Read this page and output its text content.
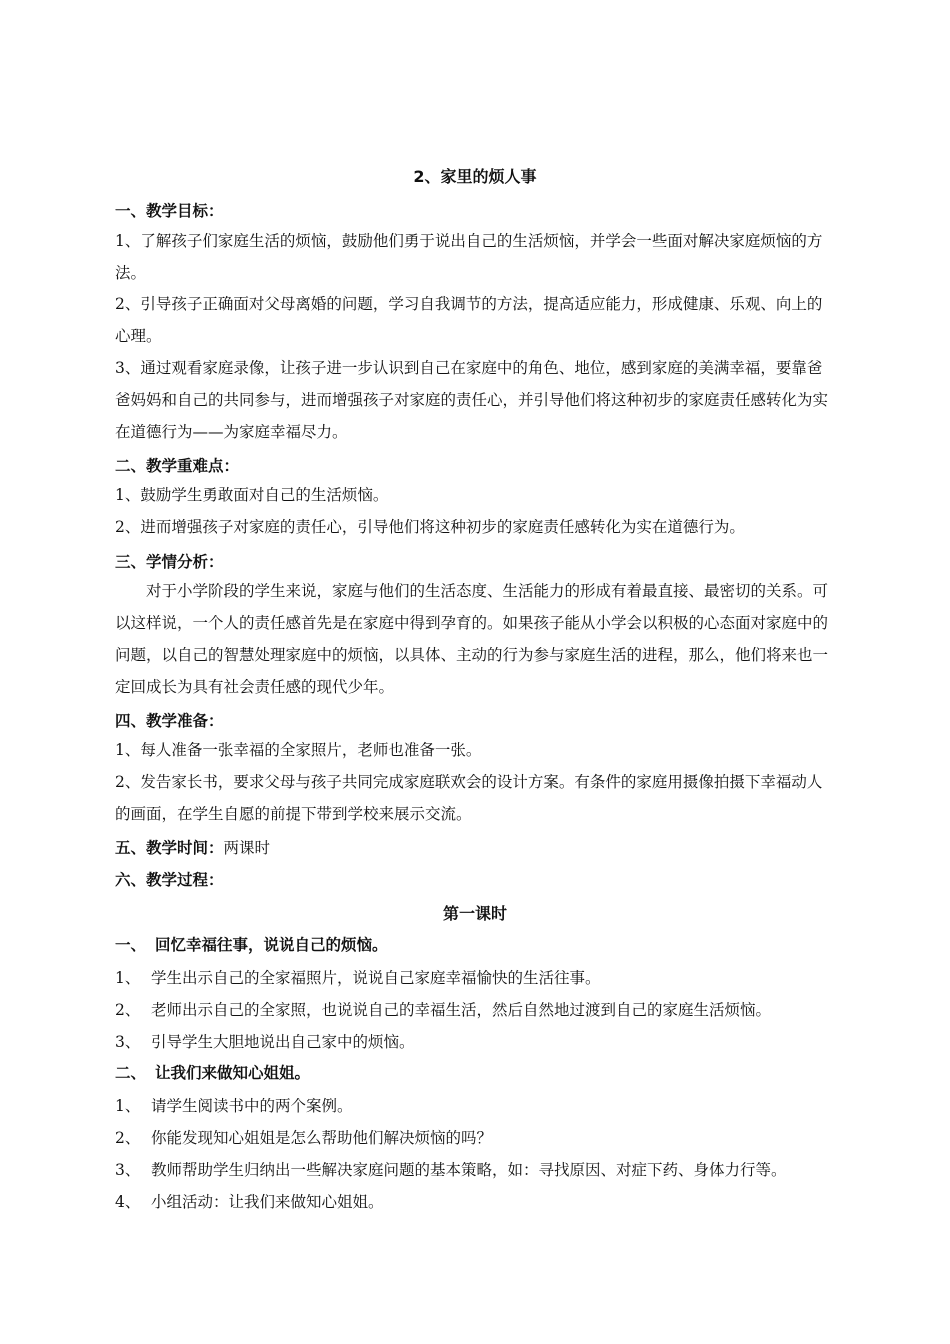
2、家里的烦人事
一、教学目标：
1、了解孩子们家庭生活的烦恼，鼓励他们勇于说出自己的生活烦恼，并学会一些面对解决家庭烦恼的方法。
2、引导孩子正确面对父母离婚的问题，学习自我调节的方法，提高适应能力，形成健康、乐观、向上的心理。
3、通过观看家庭录像，让孩子进一步认识到自己在家庭中的角色、地位，感到家庭的美满幸福，要靠爸爸妈妈和自己的共同参与，进而增强孩子对家庭的责任心，并引导他们将这种初步的家庭责任感转化为实在道德行为——为家庭幸福尽力。
二、教学重难点：
1、鼓励学生勇敢面对自己的生活烦恼。
2、进而增强孩子对家庭的责任心，引导他们将这种初步的家庭责任感转化为实在道德行为。
三、学情分析：
对于小学阶段的学生来说，家庭与他们的生活态度、生活能力的形成有着最直接、最密切的关系。可以这样说，一个人的责任感首先是在家庭中得到孕育的。如果孩子能从小学会以积极的心态面对家庭中的问题，以自己的智慧处理家庭中的烦恼，以具体、主动的行为参与家庭生活的进程，那么，他们将来也一定回成长为具有社会责任感的现代少年。
四、教学准备：
1、每人准备一张幸福的全家照片，老师也准备一张。
2、发告家长书，要求父母与孩子共同完成家庭联欢会的设计方案。有条件的家庭用摄像拍摄下幸福动人的画面，在学生自愿的前提下带到学校来展示交流。
五、教学时间：两课时
六、教学过程：
第一课时
一、 回忆幸福往事，说说自己的烦恼。
1、 学生出示自己的全家福照片，说说自己家庭幸福愉快的生活往事。
2、 老师出示自己的全家照，也说说自己的幸福生活，然后自然地过渡到自己的家庭生活烦恼。
3、 引导学生大胆地说出自己家中的烦恼。
二、 让我们来做知心姐姐。
1、 请学生阅读书中的两个案例。
2、 你能发现知心姐姐是怎么帮助他们解决烦恼的吗？
3、 教师帮助学生归纳出一些解决家庭问题的基本策略，如：寻找原因、对症下药、身体力行等。
4、 小组活动：让我们来做知心姐姐。
